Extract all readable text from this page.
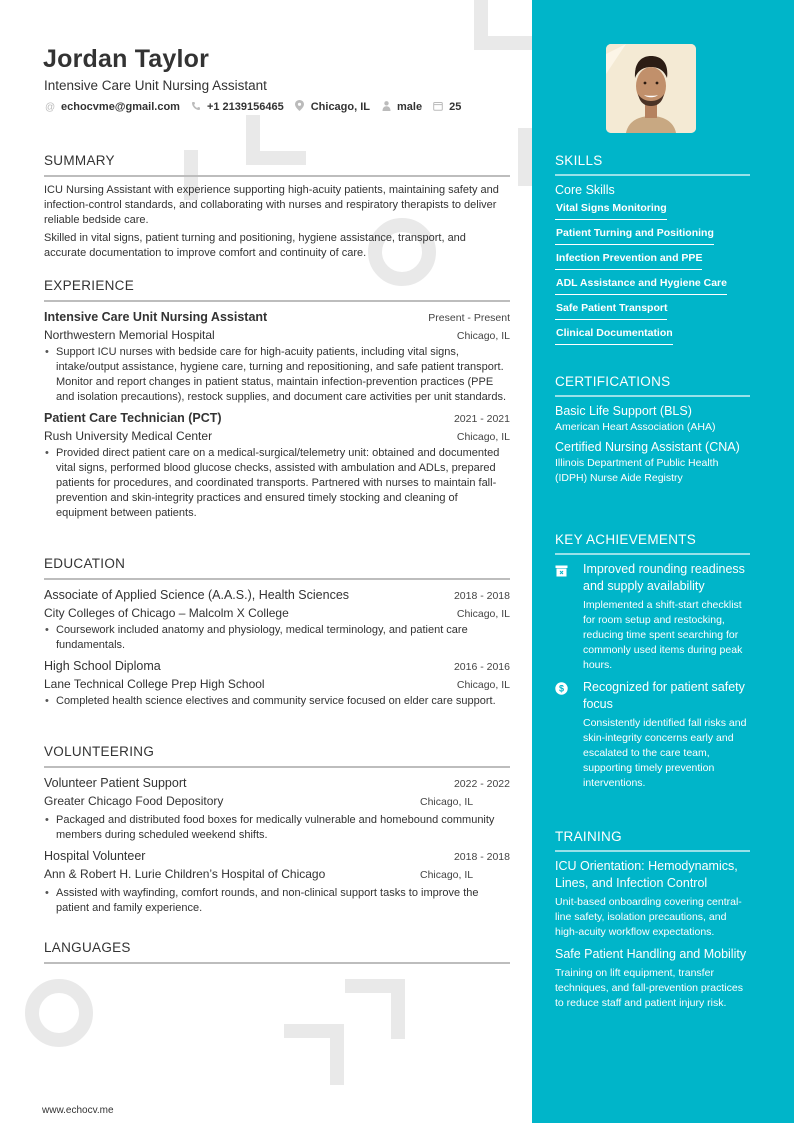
Jordan Taylor
Intensive Care Unit Nursing Assistant
@ echocvme@gmail.com +1 2139156465 Chicago, IL male 25
SUMMARY

ICU Nursing Assistant with experience supporting high-acuity patients, maintaining safety and infection-control standards, and collaborating with nurses and respiratory therapists to deliver reliable bedside care.

Skilled in vital signs, patient turning and positioning, hygiene assistance, transport, and accurate documentation to improve comfort and continuity of care.

EXPERIENCE
Intensive Care Unit Nursing Assistant	Present - Present
Northwestern Memorial Hospital	Chicago, IL
• Support ICU nurses with bedside care for high-acuity patients, including vital signs, intake/output assistance, hygiene care, turning and repositioning, and safe patient transport. Monitor and report changes in patient status, maintain infection-prevention practices (PPE and isolation precautions), restock supplies, and document care activities per unit standards.
Patient Care Technician (PCT)	2021 - 2021
Rush University Medical Center	Chicago, IL
• Provided direct patient care on a medical-surgical/telemetry unit: obtained and documented vital signs, performed blood glucose checks, assisted with ambulation and ADLs, prepared patients for procedures, and coordinated transports. Partnered with nurses to maintain fall-prevention and skin-integrity practices and ensured timely stocking and cleaning of equipment between patients.
EDUCATION
Associate of Applied Science (A.A.S.), Health Sciences	2018 - 2018
City Colleges of Chicago – Malcolm X College	Chicago, IL
• Coursework included anatomy and physiology, medical terminology, and patient care fundamentals.
High School Diploma	2016 - 2016
Lane Technical College Prep High School	Chicago, IL
• Completed health science electives and community service focused on elder care support.
VOLUNTEERING
Volunteer Patient Support	2022 - 2022
Greater Chicago Food Depository	Chicago, IL
• Packaged and distributed food boxes for medically vulnerable and homebound community members during scheduled weekend shifts.
Hospital Volunteer	2018 - 2018
Ann & Robert H. Lurie Children’s Hospital of Chicago	Chicago, IL
• Assisted with wayfinding, comfort rounds, and non-clinical support tasks to improve the patient and family experience.
LANGUAGES
www.echocv.me
SKILLS
Core Skills
Vital Signs Monitoring
Patient Turning and Positioning
Infection Prevention and PPE
ADL Assistance and Hygiene Care
Safe Patient Transport
Clinical Documentation
CERTIFICATIONS
Basic Life Support (BLS)
American Heart Association (AHA)
Certified Nursing Assistant (CNA)
Illinois Department of Public Health (IDPH) Nurse Aide Registry
KEY ACHIEVEMENTS
Improved rounding readiness and supply availability
Implemented a shift-start checklist for room setup and restocking, reducing time spent searching for commonly used items during peak hours.
$ Recognized for patient safety focus
Consistently identified fall risks and skin-integrity concerns early and escalated to the care team, supporting timely prevention interventions.
TRAINING
ICU Orientation: Hemodynamics, Lines, and Infection Control
Unit-based onboarding covering central-line safety, isolation precautions, and high-acuity workflow expectations.
Safe Patient Handling and Mobility
Training on lift equipment, transfer techniques, and fall-prevention practices to reduce staff and patient injury risk.
